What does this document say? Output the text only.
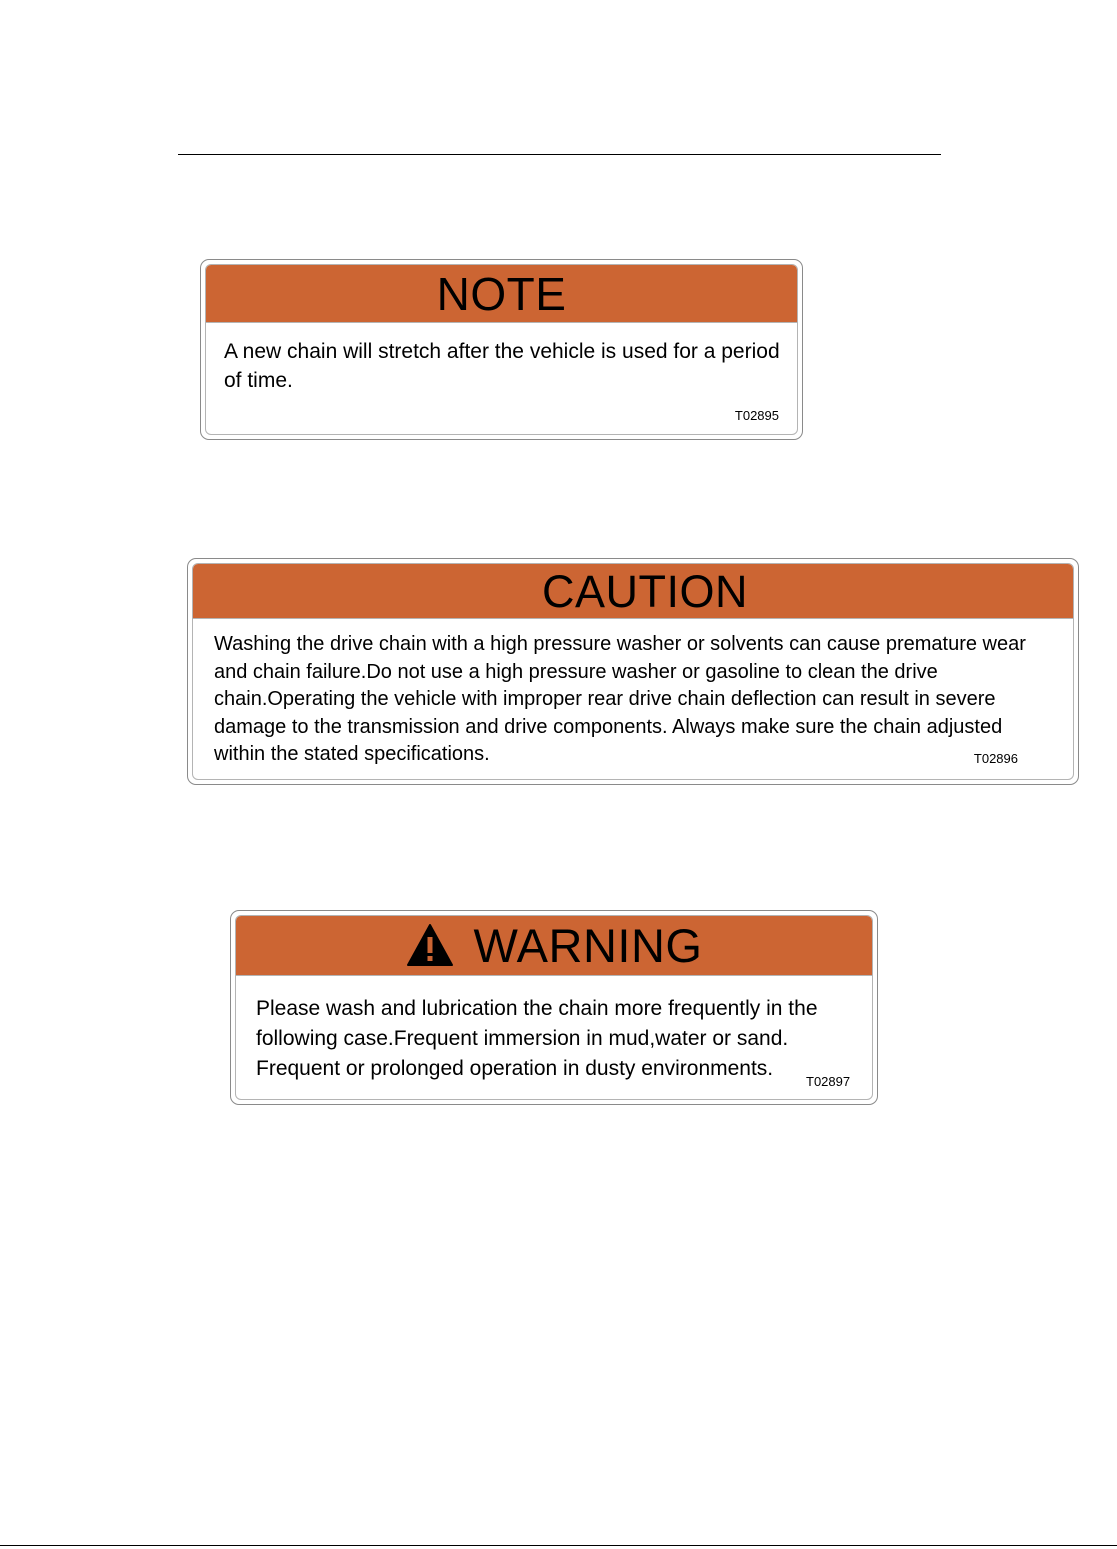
NOTE
A new chain will stretch after the vehicle is used for a period
of time.
T02895
CAUTION
Washing the drive chain with a high pressure washer or solvents can cause premature wear
and chain failure.Do not use a high pressure washer or gasoline to clean the drive
chain.Operating the vehicle with improper rear drive chain deflection can result in severe
damage to the transmission and drive components. Always make sure the chain adjusted
within the stated specifications.	T02896
WARNING
Please wash and lubrication the chain more frequently in the
following case.Frequent immersion in mud,water or sand.
Frequent or prolonged operation in dusty environments.
T02897
